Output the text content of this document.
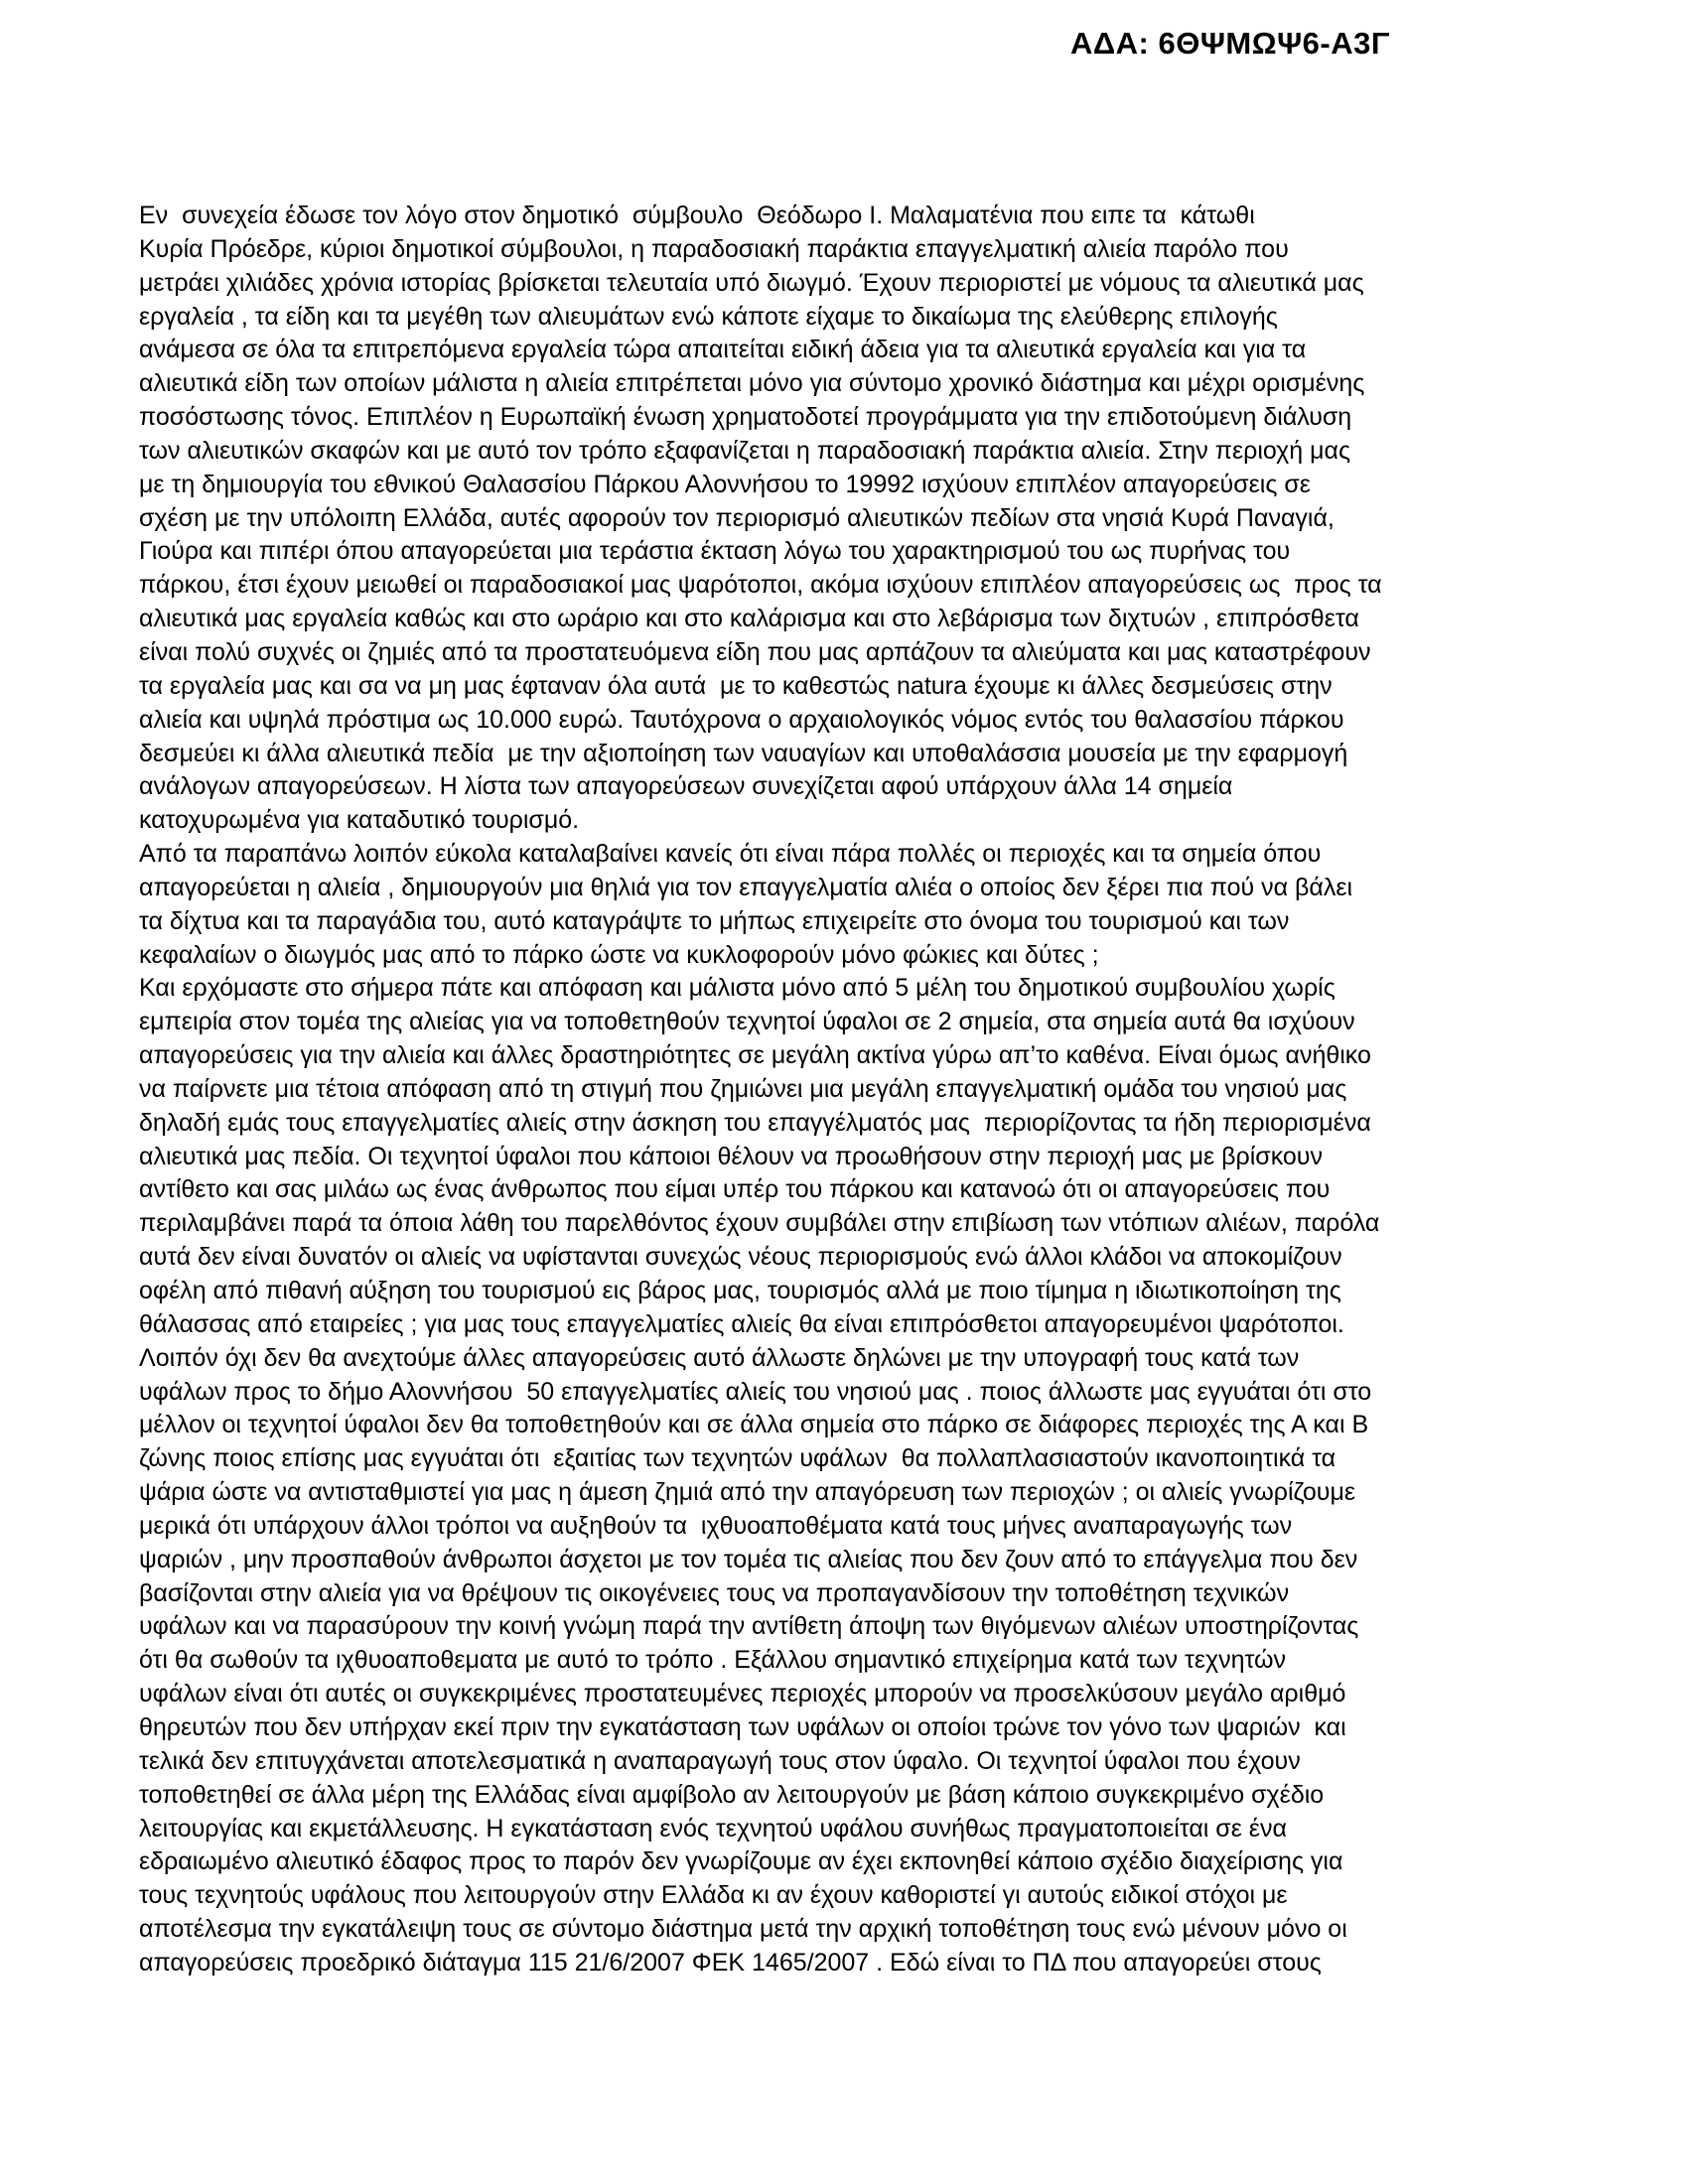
ΑΔΑ: 6ΘΨΜΩΨ6-Α3Γ
Εν  συνεχεία έδωσε τον λόγο στον δημοτικό  σύμβουλο  Θεόδωρο Ι. Μαλαματένια που ειπε τα  κάτωθι
Κυρία Πρόεδρε, κύριοι δημοτικοί σύμβουλοι, η παραδοσιακή παράκτια επαγγελματική αλιεία παρόλο που
μετράει χιλιάδες χρόνια ιστορίας βρίσκεται τελευταία υπό διωγμό. Έχουν περιοριστεί με νόμους τα αλιευτικά μας
εργαλεία , τα είδη και τα μεγέθη των αλιευμάτων ενώ κάποτε είχαμε το δικαίωμα της ελεύθερης επιλογής
ανάμεσα σε όλα τα επιτρεπόμενα εργαλεία τώρα απαιτείται ειδική άδεια για τα αλιευτικά εργαλεία και για τα
αλιευτικά είδη των οποίων μάλιστα η αλιεία επιτρέπεται μόνο για σύντομο χρονικό διάστημα και μέχρι ορισμένης
ποσόστωσης τόνος. Επιπλέον η Ευρωπαϊκή ένωση χρηματοδοτεί προγράμματα για την επιδοτούμενη διάλυση
των αλιευτικών σκαφών και με αυτό τον τρόπο εξαφανίζεται η παραδοσιακή παράκτια αλιεία. Στην περιοχή μας
με τη δημιουργία του εθνικού Θαλασσίου Πάρκου Αλοννήσου το 19992 ισχύουν επιπλέον απαγορεύσεις σε
σχέση με την υπόλοιπη Ελλάδα, αυτές αφορούν τον περιορισμό αλιευτικών πεδίων στα νησιά Κυρά Παναγιά,
Γιούρα και πιπέρι όπου απαγορεύεται μια τεράστια έκταση λόγω του χαρακτηρισμού του ως πυρήνας του
πάρκου, έτσι έχουν μειωθεί οι παραδοσιακοί μας ψαρότοποι, ακόμα ισχύουν επιπλέον απαγορεύσεις ως  προς τα
αλιευτικά μας εργαλεία καθώς και στο ωράριο και στο καλάρισμα και στο λεβάρισμα των διχτυών , επιπρόσθετα
είναι πολύ συχνές οι ζημιές από τα προστατευόμενα είδη που μας αρπάζουν τα αλιεύματα και μας καταστρέφουν
τα εργαλεία μας και σα να μη μας έφταναν όλα αυτά  με το καθεστώς natura έχουμε κι άλλες δεσμεύσεις στην
αλιεία και υψηλά πρόστιμα ως 10.000 ευρώ. Ταυτόχρονα ο αρχαιολογικός νόμος εντός του θαλασσίου πάρκου
δεσμεύει κι άλλα αλιευτικά πεδία  με την αξιοποίηση των ναυαγίων και υποθαλάσσια μουσεία με την εφαρμογή
ανάλογων απαγορεύσεων. Η λίστα των απαγορεύσεων συνεχίζεται αφού υπάρχουν άλλα 14 σημεία
κατοχυρωμένα για καταδυτικό τουρισμό.
Από τα παραπάνω λοιπόν εύκολα καταλαβαίνει κανείς ότι είναι πάρα πολλές οι περιοχές και τα σημεία όπου
απαγορεύεται η αλιεία , δημιουργούν μια θηλιά για τον επαγγελματία αλιέα ο οποίος δεν ξέρει πια πού να βάλει
τα δίχτυα και τα παραγάδια του, αυτό καταγράψτε το μήπως επιχειρείτε στο όνομα του τουρισμού και των
κεφαλαίων ο διωγμός μας από το πάρκο ώστε να κυκλοφορούν μόνο φώκιες και δύτες ;
Και ερχόμαστε στο σήμερα πάτε και απόφαση και μάλιστα μόνο από 5 μέλη του δημοτικού συμβουλίου χωρίς
εμπειρία στον τομέα της αλιείας για να τοποθετηθούν τεχνητοί ύφαλοι σε 2 σημεία, στα σημεία αυτά θα ισχύουν
απαγορεύσεις για την αλιεία και άλλες δραστηριότητες σε μεγάλη ακτίνα γύρω απ’το καθένα. Είναι όμως ανήθικο
να παίρνετε μια τέτοια απόφαση από τη στιγμή που ζημιώνει μια μεγάλη επαγγελματική ομάδα του νησιού μας
δηλαδή εμάς τους επαγγελματίες αλιείς στην άσκηση του επαγγέλματός μας  περιορίζοντας τα ήδη περιορισμένα
αλιευτικά μας πεδία. Οι τεχνητοί ύφαλοι που κάποιοι θέλουν να προωθήσουν στην περιοχή μας με βρίσκουν
αντίθετο και σας μιλάω ως ένας άνθρωπος που είμαι υπέρ του πάρκου και κατανοώ ότι οι απαγορεύσεις που
περιλαμβάνει παρά τα όποια λάθη του παρελθόντος έχουν συμβάλει στην επιβίωση των ντόπιων αλιέων, παρόλα
αυτά δεν είναι δυνατόν οι αλιείς να υφίστανται συνεχώς νέους περιορισμούς ενώ άλλοι κλάδοι να αποκομίζουν
οφέλη από πιθανή αύξηση του τουρισμού εις βάρος μας, τουρισμός αλλά με ποιο τίμημα η ιδιωτικοποίηση της
θάλασσας από εταιρείες ; για μας τους επαγγελματίες αλιείς θα είναι επιπρόσθετοι απαγορευμένοι ψαρότοποι.
Λοιπόν όχι δεν θα ανεχτούμε άλλες απαγορεύσεις αυτό άλλωστε δηλώνει με την υπογραφή τους κατά των
υφάλων προς το δήμο Αλοννήσου  50 επαγγελματίες αλιείς του νησιού μας . ποιος άλλωστε μας εγγυάται ότι στο
μέλλον οι τεχνητοί ύφαλοι δεν θα τοποθετηθούν και σε άλλα σημεία στο πάρκο σε διάφορες περιοχές της Α και Β
ζώνης ποιος επίσης μας εγγυάται ότι  εξαιτίας των τεχνητών υφάλων  θα πολλαπλασιαστούν ικανοποιητικά τα
ψάρια ώστε να αντισταθμιστεί για μας η άμεση ζημιά από την απαγόρευση των περιοχών ; οι αλιείς γνωρίζουμε
μερικά ότι υπάρχουν άλλοι τρόποι να αυξηθούν τα  ιχθυοαποθέματα κατά τους μήνες αναπαραγωγής των
ψαριών , μην προσπαθούν άνθρωποι άσχετοι με τον τομέα τις αλιείας που δεν ζουν από το επάγγελμα που δεν
βασίζονται στην αλιεία για να θρέψουν τις οικογένειες τους να προπαγανδίσουν την τοποθέτηση τεχνικών
υφάλων και να παρασύρουν την κοινή γνώμη παρά την αντίθετη άποψη των θιγόμενων αλιέων υποστηρίζοντας
ότι θα σωθούν τα ιχθυοαποθεματα με αυτό το τρόπο . Εξάλλου σημαντικό επιχείρημα κατά των τεχνητών
υφάλων είναι ότι αυτές οι συγκεκριμένες προστατευμένες περιοχές μπορούν να προσελκύσουν μεγάλο αριθμό
θηρευτών που δεν υπήρχαν εκεί πριν την εγκατάσταση των υφάλων οι οποίοι τρώνε τον γόνο των ψαριών  και
τελικά δεν επιτυγχάνεται αποτελεσματικά η αναπαραγωγή τους στον ύφαλο. Οι τεχνητοί ύφαλοι που έχουν
τοποθετηθεί σε άλλα μέρη της Ελλάδας είναι αμφίβολο αν λειτουργούν με βάση κάποιο συγκεκριμένο σχέδιο
λειτουργίας και εκμετάλλευσης. Η εγκατάσταση ενός τεχνητού υφάλου συνήθως πραγματοποιείται σε ένα
εδραιωμένο αλιευτικό έδαφος προς το παρόν δεν γνωρίζουμε αν έχει εκπονηθεί κάποιο σχέδιο διαχείρισης για
τους τεχνητούς υφάλους που λειτουργούν στην Ελλάδα κι αν έχουν καθοριστεί γι αυτούς ειδικοί στόχοι με
αποτέλεσμα την εγκατάλειψη τους σε σύντομο διάστημα μετά την αρχική τοποθέτηση τους ενώ μένουν μόνο οι
απαγορεύσεις προεδρικό διάταγμα 115 21/6/2007 ΦΕΚ 1465/2007 . Εδώ είναι το ΠΔ που απαγορεύει στους
